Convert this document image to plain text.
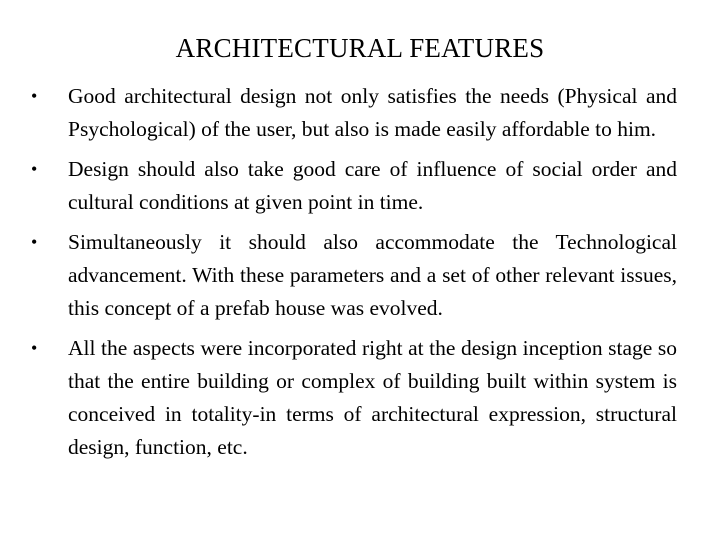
ARCHITECTURAL FEATURES
• Good architectural design not only satisfies the needs (Physical and Psychological) of the user, but also is made easily affordable to him.
• Design should also take good care of influence of social order and cultural conditions at given point in time.
• Simultaneously it should also accommodate the Technological advancement. With these parameters and a set of other relevant issues, this concept of a prefab house was evolved.
• All the aspects were incorporated right at the design inception stage so that the entire building or complex of building built within system is conceived in totality-in terms of architectural expression, structural design, function, etc.
